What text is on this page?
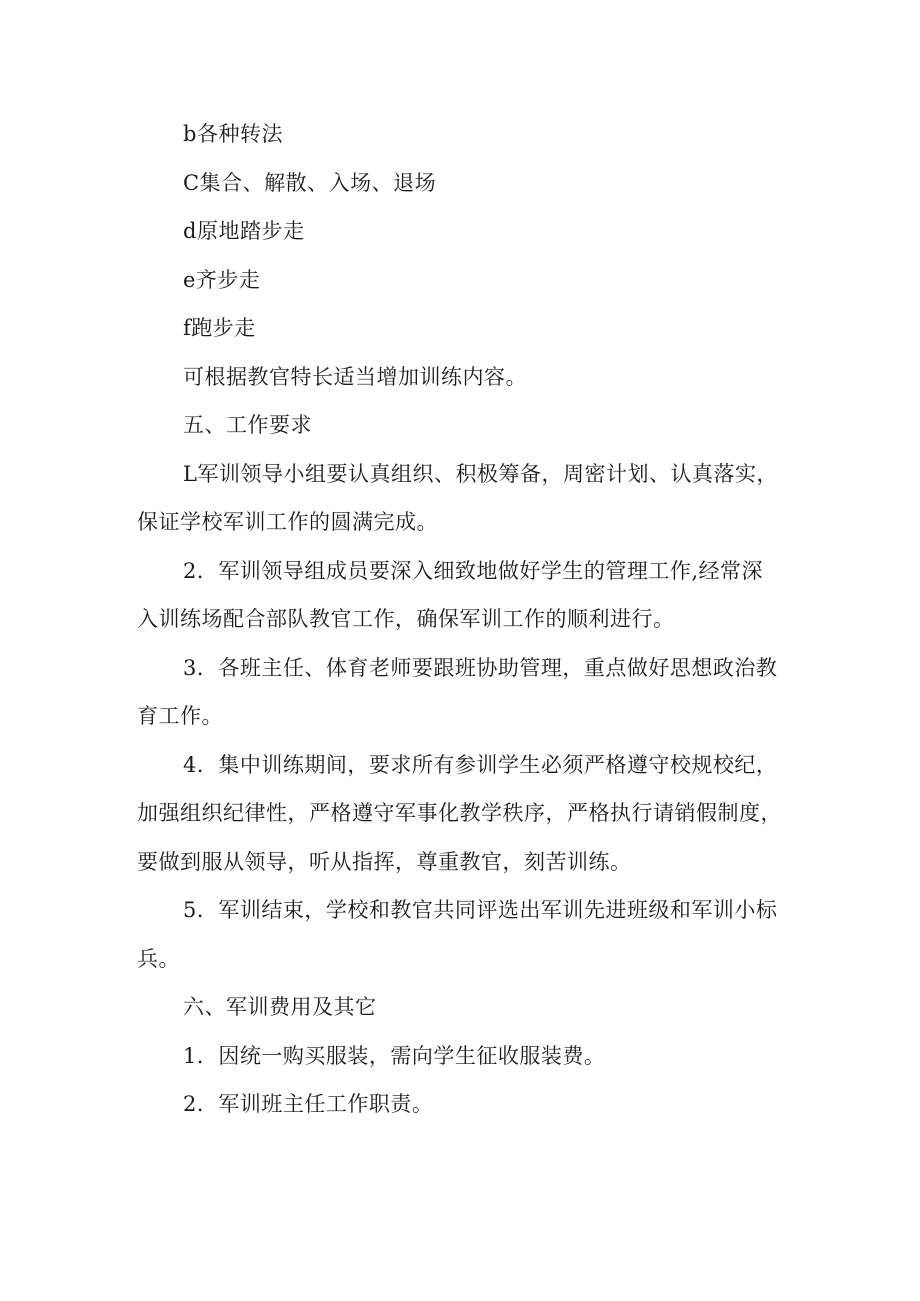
b各种转法
C集合、解散、入场、退场
d原地踏步走
e齐步走
f跑步走
可根据教官特长适当增加训练内容。
五、工作要求
L军训领导小组要认真组织、积极筹备，周密计划、认真落实，
保证学校军训工作的圆满完成。
2．军训领导组成员要深入细致地做好学生的管理工作,经常深
入训练场配合部队教官工作，确保军训工作的顺利进行。
3．各班主任、体育老师要跟班协助管理，重点做好思想政治教
育工作。
4．集中训练期间，要求所有参训学生必须严格遵守校规校纪，
加强组织纪律性，严格遵守军事化教学秩序，严格执行请销假制度，
要做到服从领导，听从指挥，尊重教官，刻苦训练。
5．军训结束，学校和教官共同评选出军训先进班级和军训小标
兵。
六、军训费用及其它
1．因统一购买服装，需向学生征收服装费。
2．军训班主任工作职责。
